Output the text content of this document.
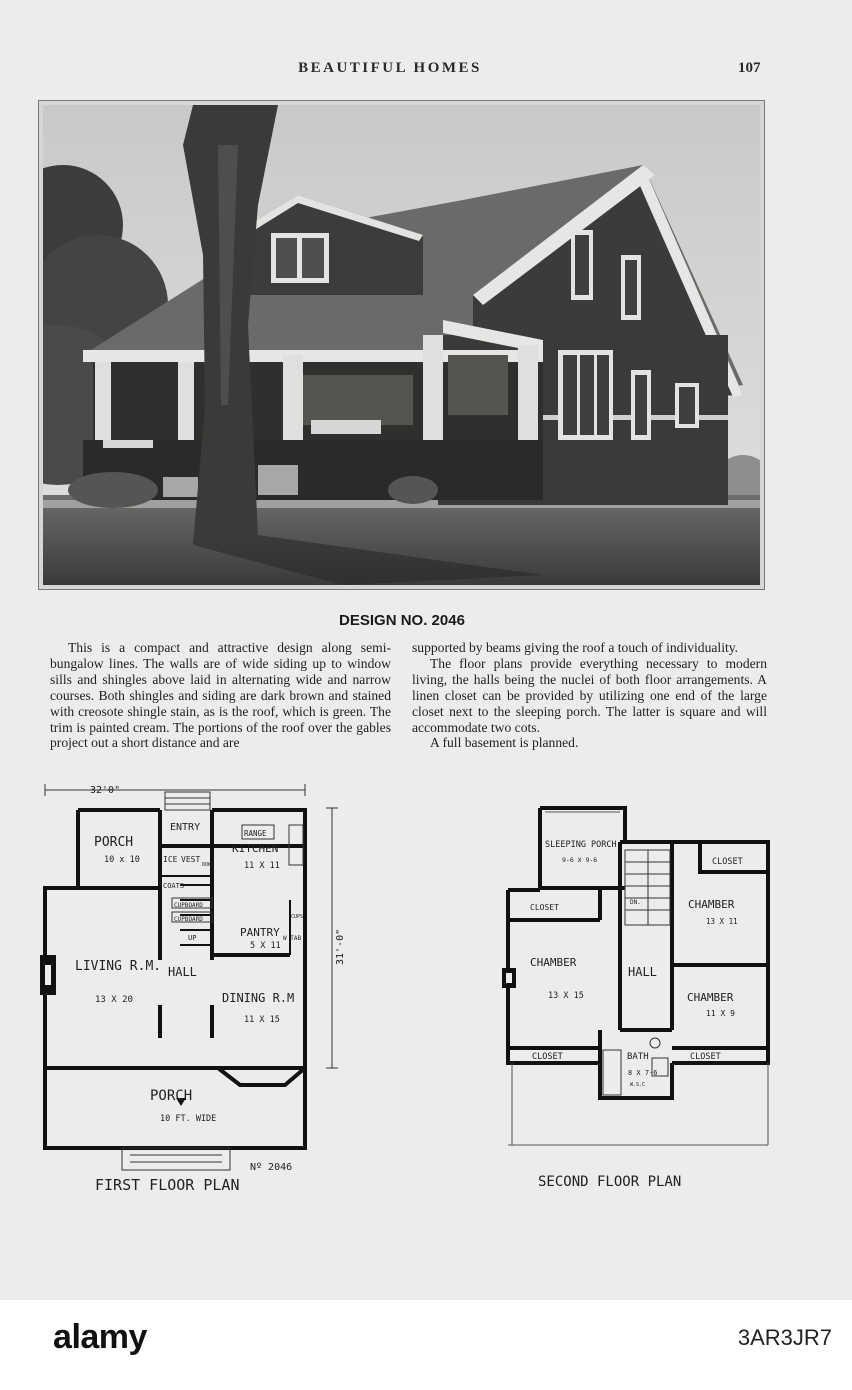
BEAUTIFUL HOMES	107
DESIGN NO. 2046

This is a compact and attractive design along semi-bungalow lines. The walls are of wide siding up to window sills and shingles above laid in alternating wide and narrow courses. Both shingles and siding are dark brown and stained with creosote shingle stain, as is the roof, which is green. The trim is painted cream. The portions of the roof over the gables project out a short distance and are

supported by beams giving the roof a touch of individuality.

The floor plans provide everything necessary to modern living, the halls being the nuclei of both floor arrangements. A linen closet can be provided by utilizing one end of the large closet next to the sleeping porch. The latter is square and will accommodate two cots.

A full basement is planned.

32'0"
31'-0"
PORCH
10 x 10
ENTRY
RANGE
KITCHEN
11 X 11
ICE VEST
DOWN
COATS
CUPBOARD
CUPBOARD	CUPS
UP	PANTRY
5 X 11
W TAB
LIVING R.M.
13 X 20
HALL
DINING R.M
11 X 15
PORCH
10 FT. WIDE
Nº 2046
FIRST FLOOR PLAN
SLEEPING PORCH
9-6 X 9-6	CLOSET
CLOSET
DN.	CHAMBER
13 X 11
CHAMBER
13 X 15
HALL
CHAMBER
11 X 9
CLOSET	BATH
8 X 7-6
W.S.C
CLOSET
SECOND FLOOR PLAN
alamy	3AR3JR7
